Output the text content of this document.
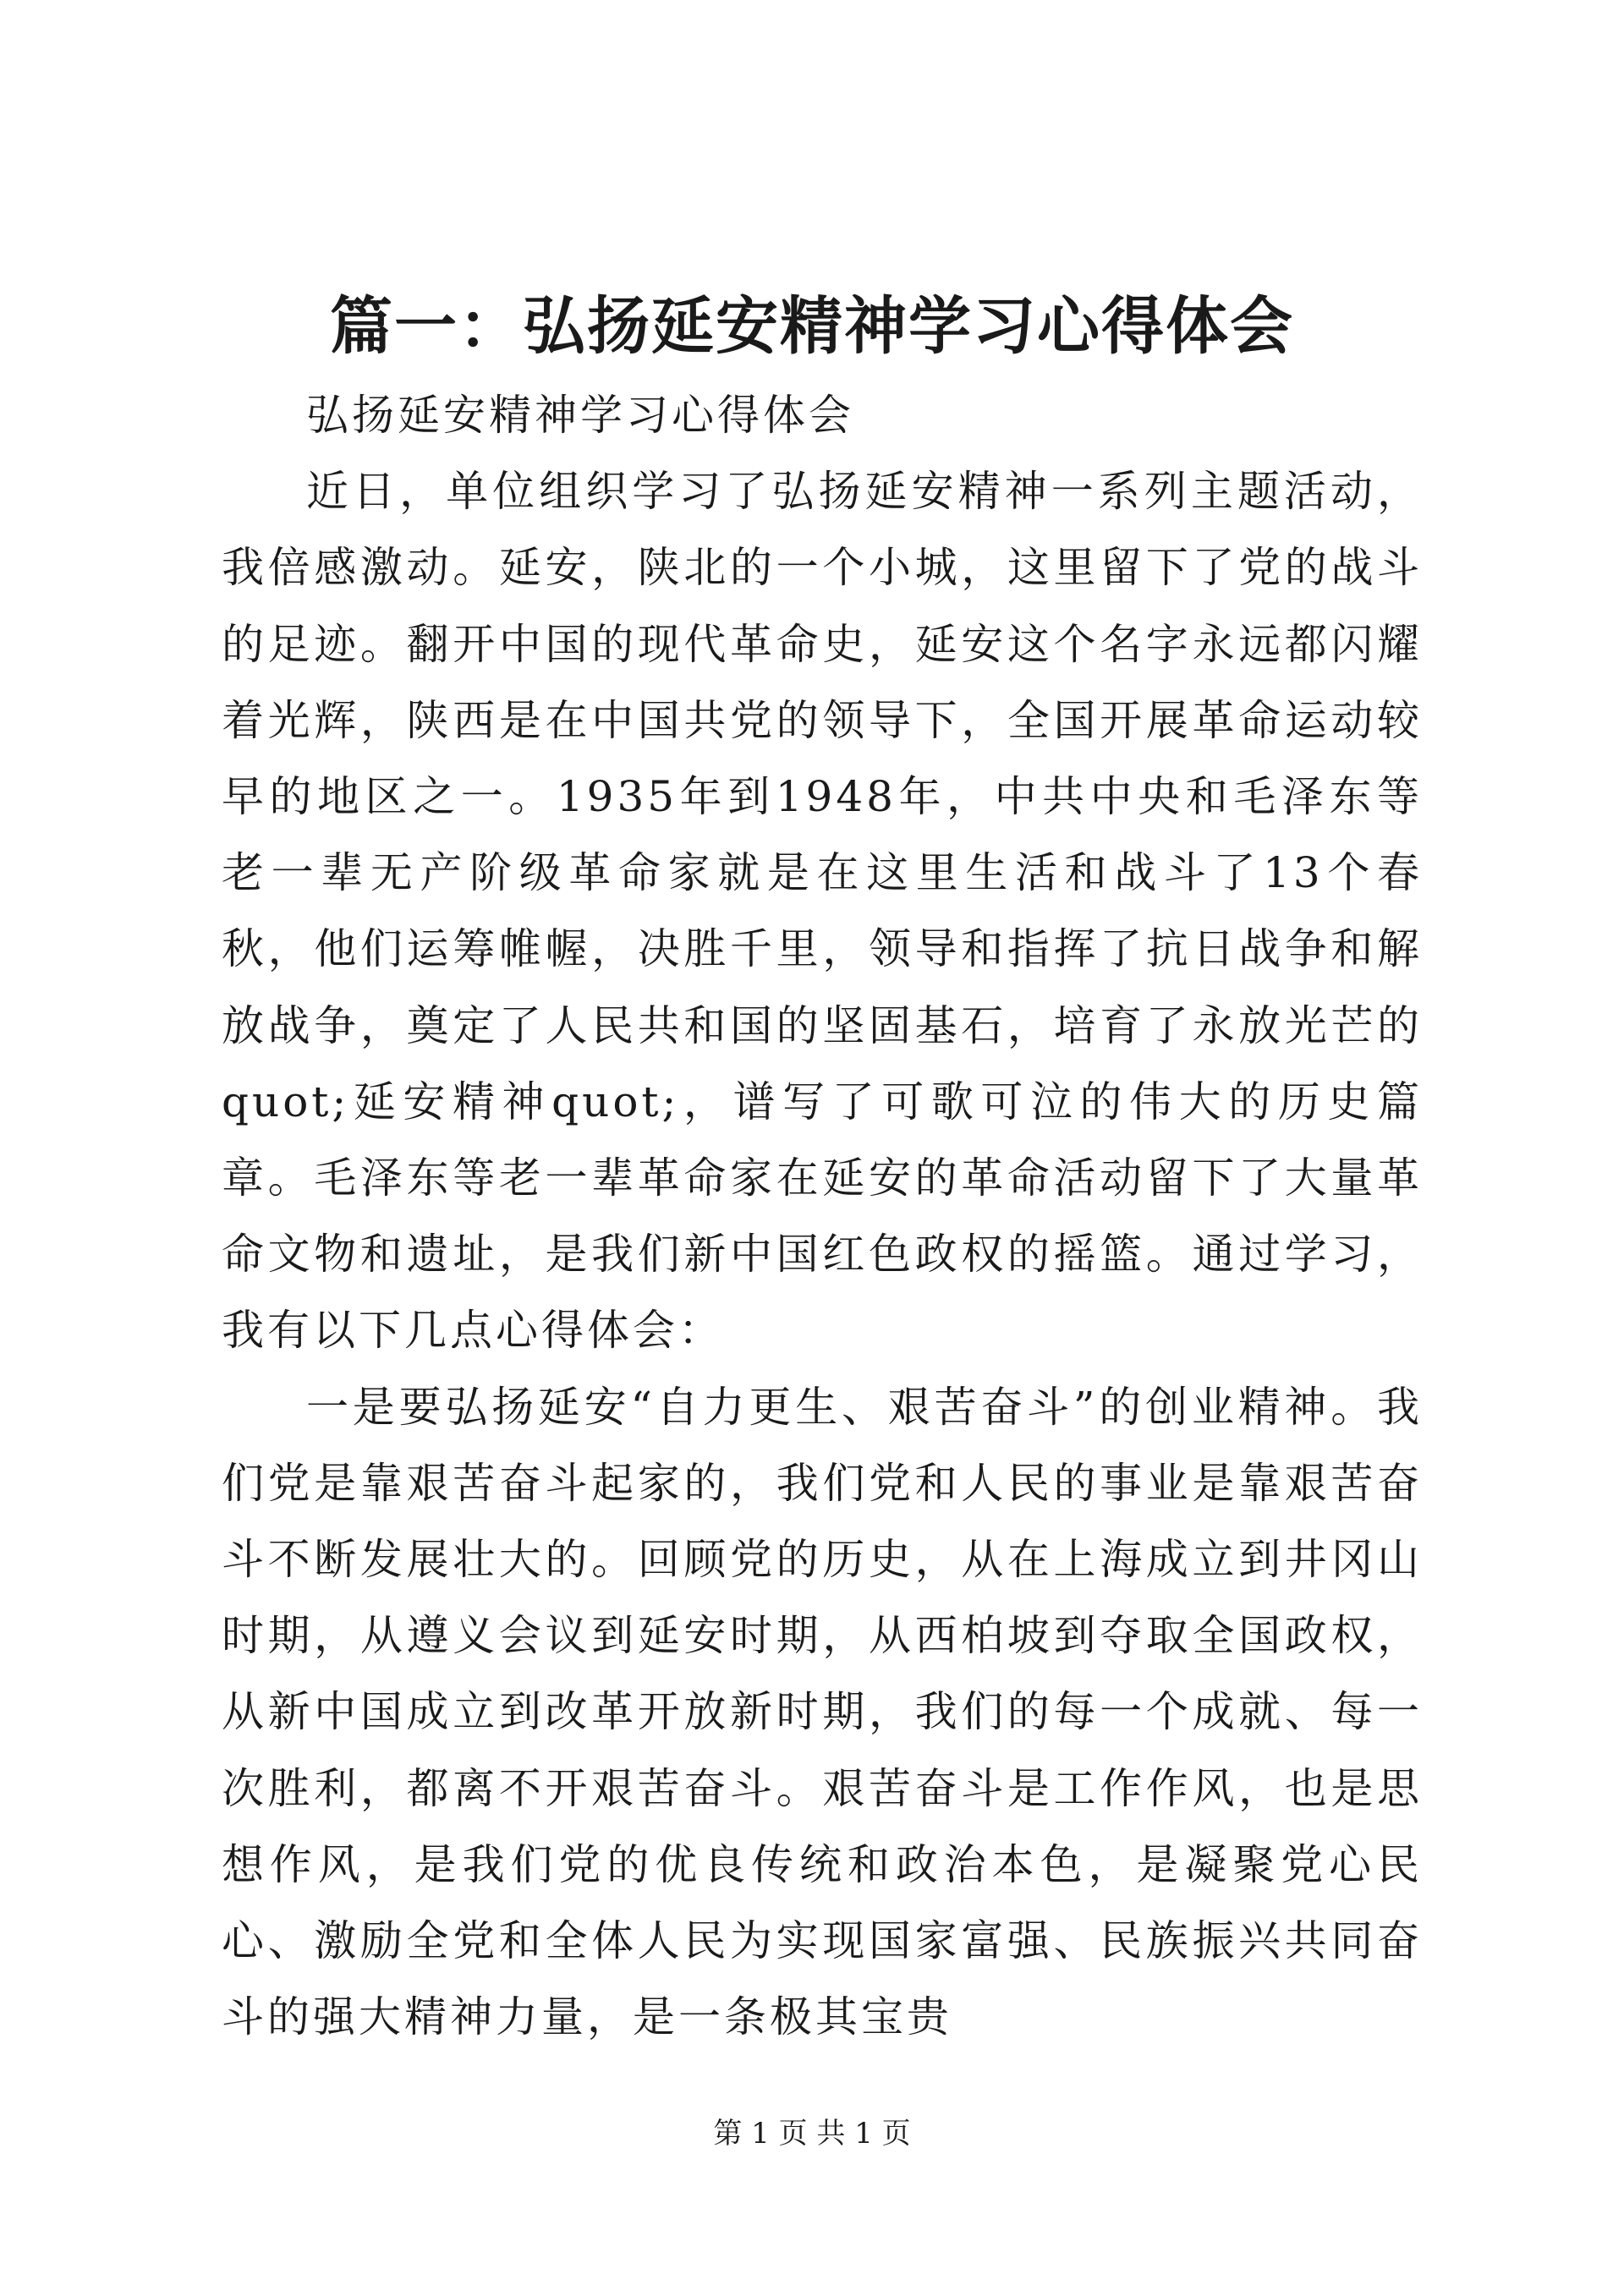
篇一：弘扬延安精神学习心得体会

弘扬延安精神学习心得体会

近日，单位组织学习了弘扬延安精神一系列主题活动，我倍感激动。延安，陕北的一个小城，这里留下了党的战斗的足迹。翻开中国的现代革命史，延安这个名字永远都闪耀着光辉，陕西是在中国共党的领导下，全国开展革命运动较早的地区之一。1935年到1948年，中共中央和毛泽东等老一辈无产阶级革命家就是在这里生活和战斗了13个春秋，他们运筹帷幄，决胜千里，领导和指挥了抗日战争和解放战争，奠定了人民共和国的坚固基石，培育了永放光芒的quot;延安精神quot;，谱写了可歌可泣的伟大的历史篇章。毛泽东等老一辈革命家在延安的革命活动留下了大量革命文物和遗址，是我们新中国红色政权的摇篮。通过学习，我有以下几点心得体会：

一是要弘扬延安“自力更生、艰苦奋斗”的创业精神。我们党是靠艰苦奋斗起家的，我们党和人民的事业是靠艰苦奋斗不断发展壮大的。回顾党的历史，从在上海成立到井冈山时期，从遵义会议到延安时期，从西柏坡到夺取全国政权，从新中国成立到改革开放新时期，我们的每一个成就、每一次胜利，都离不开艰苦奋斗。艰苦奋斗是工作作风，也是思想作风，是我们党的优良传统和政治本色，是凝聚党心民心、激励全党和全体人民为实现国家富强、民族振兴共同奋斗的强大精神力量，是一条极其宝贵

第 1 页 共 1 页
